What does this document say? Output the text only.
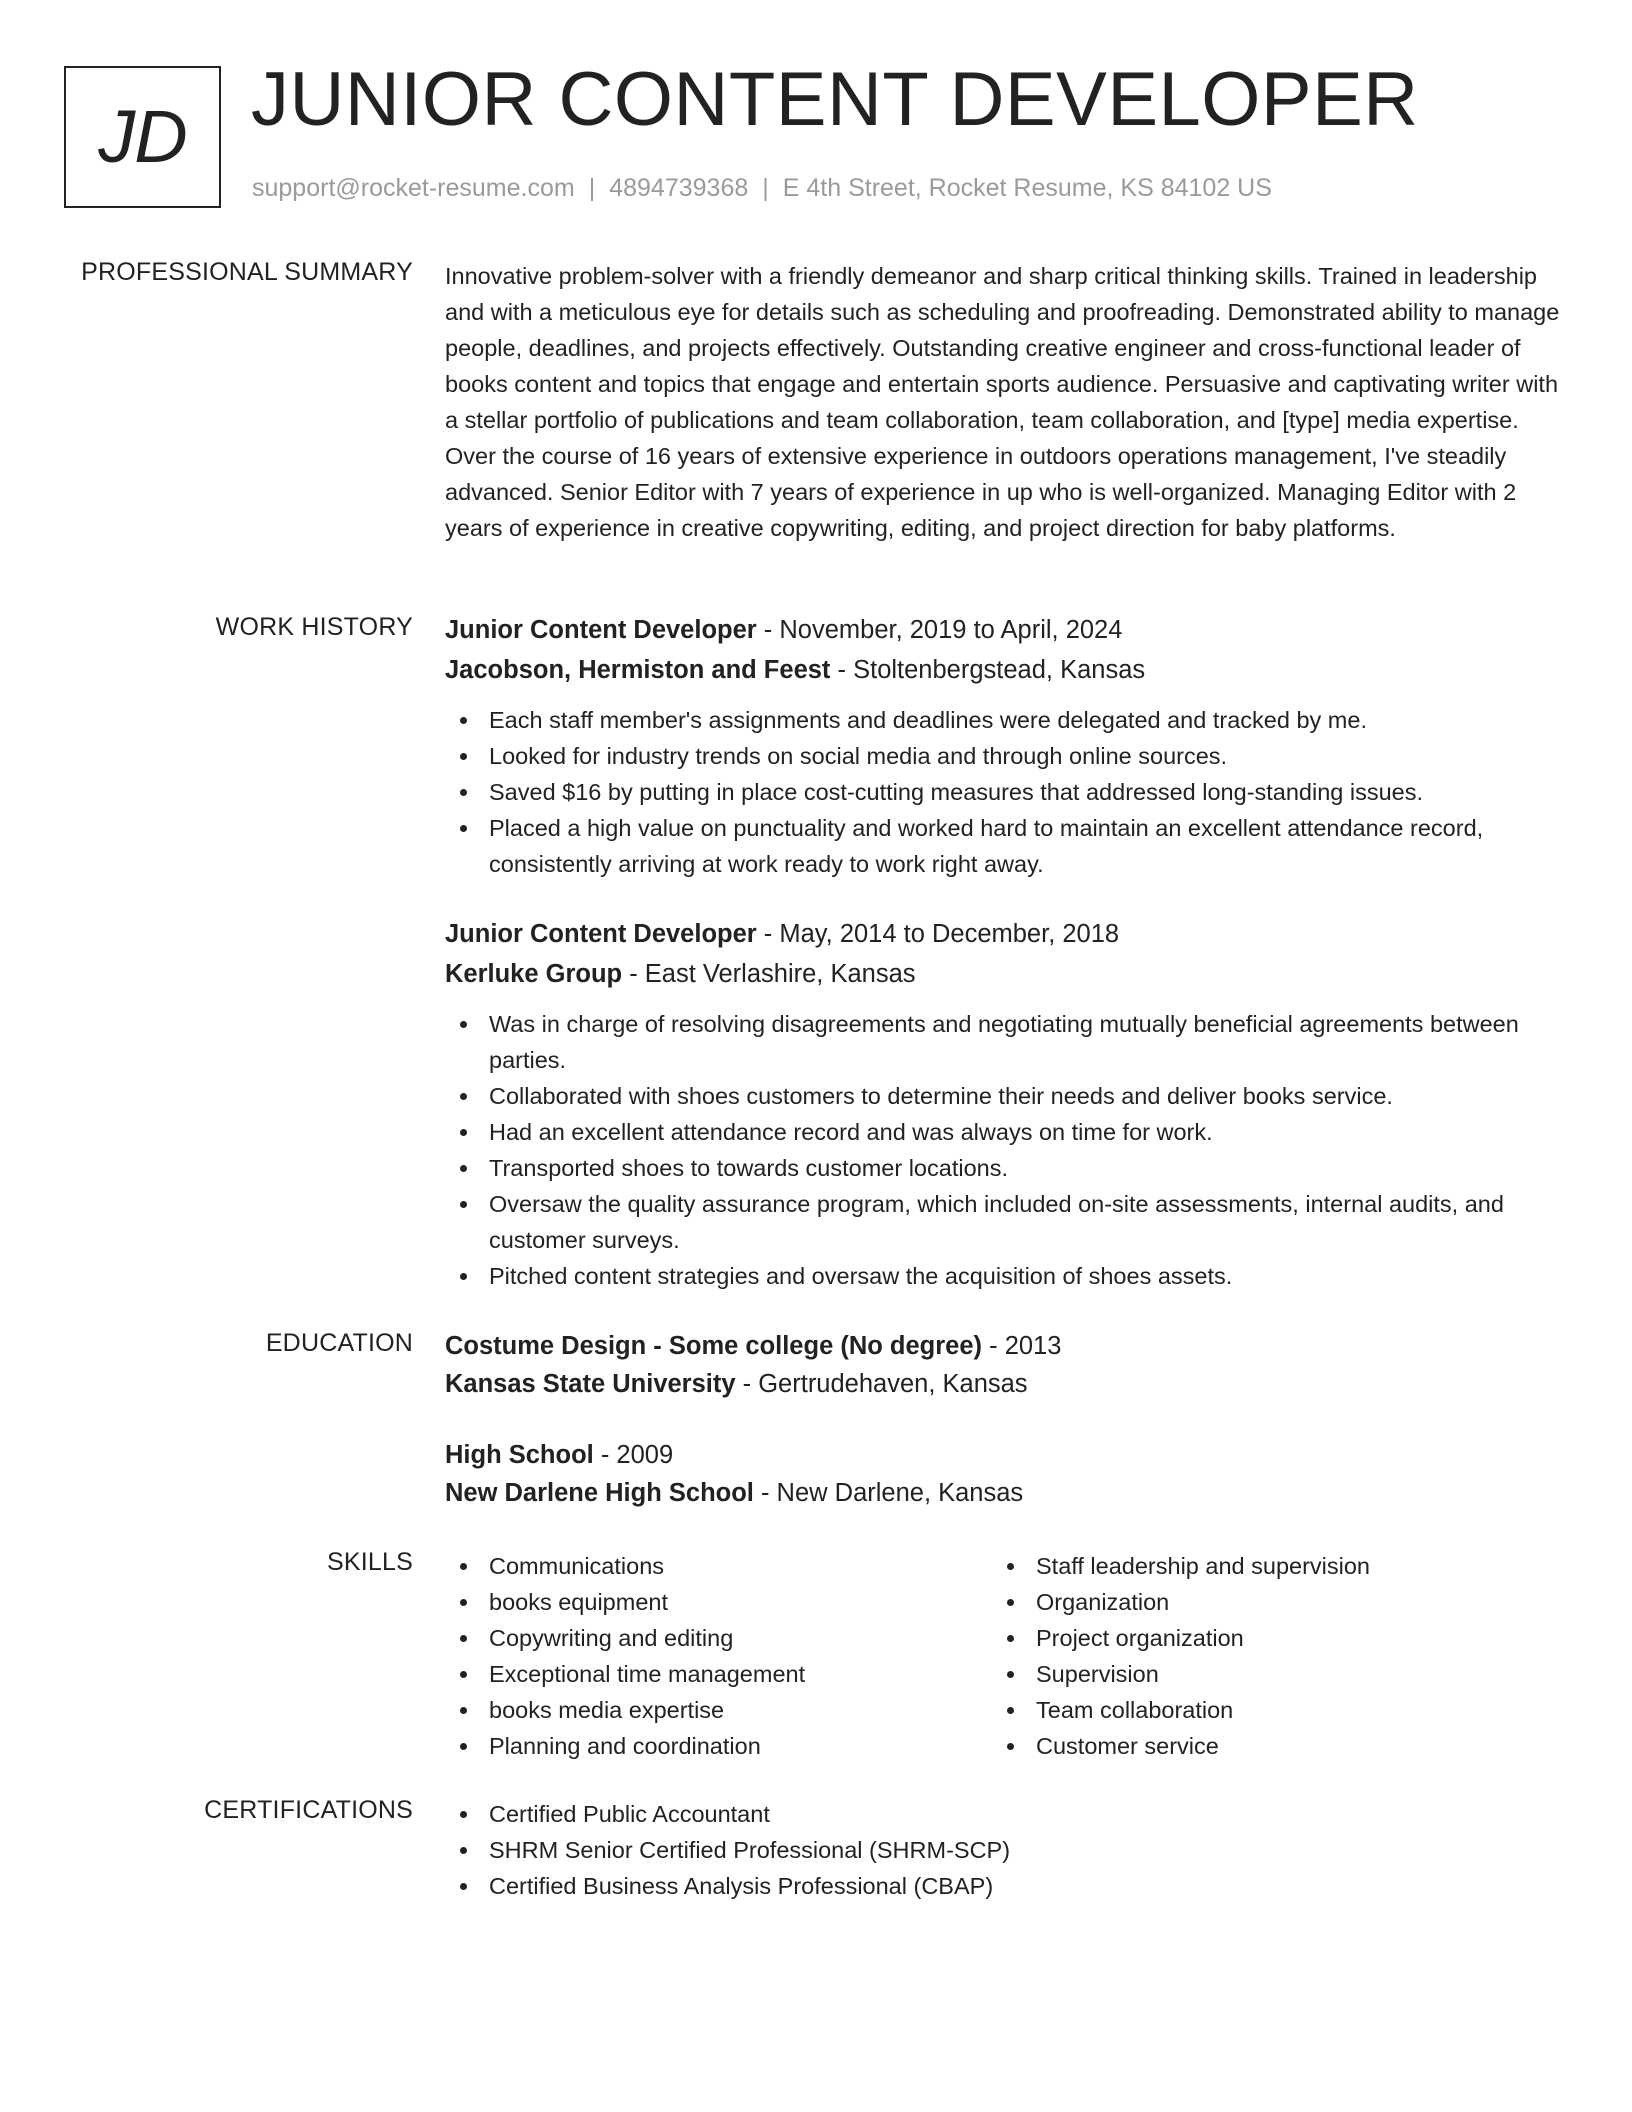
JD JUNIOR CONTENT DEVELOPER
support@rocket-resume.com | 4894739368 | E 4th Street, Rocket Resume, KS 84102 US
PROFESSIONAL SUMMARY Innovative problem-solver with a friendly demeanor and sharp critical thinking skills. Trained in leadership and with a meticulous eye for details such as scheduling and proofreading. Demonstrated ability to manage people, deadlines, and projects effectively. Outstanding creative engineer and cross-functional leader of books content and topics that engage and entertain sports audience. Persuasive and captivating writer with a stellar portfolio of publications and team collaboration, team collaboration, and [type] media expertise. Over the course of 16 years of extensive experience in outdoors operations management, I've steadily advanced. Senior Editor with 7 years of experience in up who is well-organized. Managing Editor with 2 years of experience in creative copywriting, editing, and project direction for baby platforms.
WORK HISTORY Junior Content Developer - November, 2019 to April, 2024
Jacobson, Hermiston and Feest - Stoltenbergstead, Kansas
Each staff member's assignments and deadlines were delegated and tracked by me.
Looked for industry trends on social media and through online sources.
Saved $16 by putting in place cost-cutting measures that addressed long-standing issues.
Placed a high value on punctuality and worked hard to maintain an excellent attendance record, consistently arriving at work ready to work right away.
Junior Content Developer - May, 2014 to December, 2018
Kerluke Group - East Verlashire, Kansas
Was in charge of resolving disagreements and negotiating mutually beneficial agreements between parties.
Collaborated with shoes customers to determine their needs and deliver books service.
Had an excellent attendance record and was always on time for work.
Transported shoes to towards customer locations.
Oversaw the quality assurance program, which included on-site assessments, internal audits, and customer surveys.
Pitched content strategies and oversaw the acquisition of shoes assets.
EDUCATION Costume Design - Some college (No degree) - 2013
Kansas State University - Gertrudehaven, Kansas
High School - 2009
New Darlene High School - New Darlene, Kansas
SKILLS	Communications
books equipment
Copywriting and editing
Exceptional time management
books media expertise
Planning and coordination
Staff leadership and supervision
Organization
Project organization
Supervision
Team collaboration
Customer service
CERTIFICATIONS	Certified Public Accountant
SHRM Senior Certified Professional (SHRM-SCP)
Certified Business Analysis Professional (CBAP)
